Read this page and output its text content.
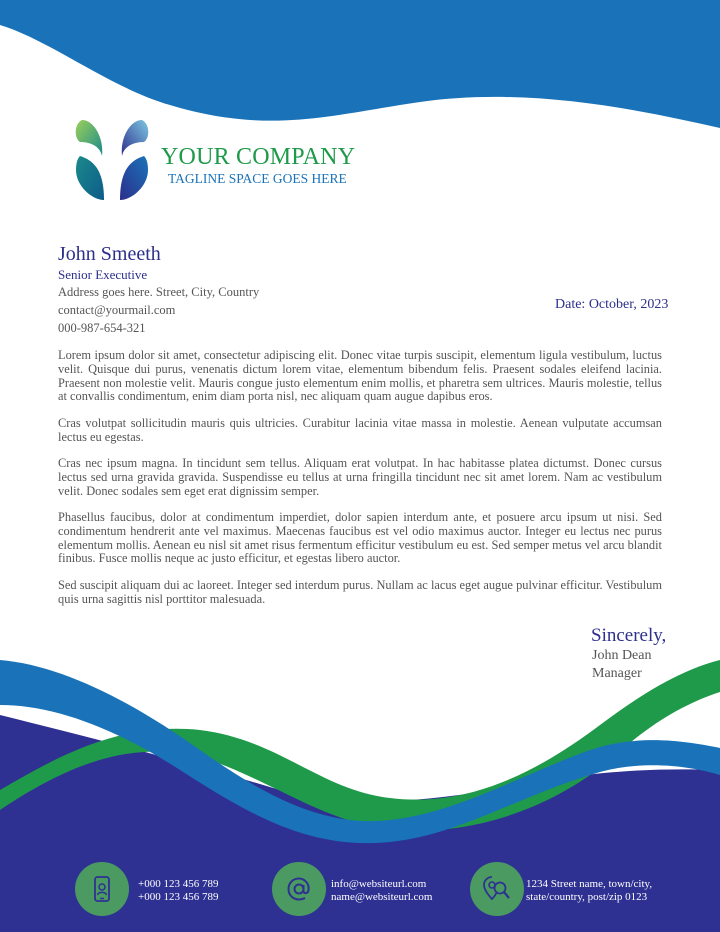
YOUR COMPANY
TAGLINE SPACE GOES HERE
John Smeeth
Senior Executive
Address goes here. Street, City, Country
contact@yourmail.com
000-987-654-321
Date: October, 2023

Lorem ipsum dolor sit amet, consectetur adipiscing elit. Donec vitae turpis suscipit, elementum ligula vestibulum, luctus velit. Quisque dui purus, venenatis dictum lorem vitae, elementum bibendum felis. Praesent sodales eleifend lacinia. Praesent non molestie velit. Mauris congue justo elementum enim mollis, et pharetra sem ultrices. Mauris molestie, tellus at convallis condimentum, enim diam porta nisl, nec aliquam quam augue dapibus eros.

Cras volutpat sollicitudin mauris quis ultricies. Curabitur lacinia vitae massa in molestie. Aenean vulputate accumsan lectus eu egestas.

Cras nec ipsum magna. In tincidunt sem tellus. Aliquam erat volutpat. In hac habitasse platea dictumst. Donec cursus lectus sed urna gravida gravida. Suspendisse eu tellus at urna fringilla tincidunt nec sit amet lorem. Nam ac vestibulum velit. Donec sodales sem eget erat dignissim semper.

Phasellus faucibus, dolor at condimentum imperdiet, dolor sapien interdum ante, et posuere arcu ipsum ut nisi. Sed condimentum hendrerit ante vel maximus. Maecenas faucibus est vel odio maximus auctor. Integer eu lectus nec purus elementum mollis. Aenean eu nisl sit amet risus fermentum efficitur vestibulum eu est. Sed semper metus vel arcu blandit finibus. Fusce mollis neque ac justo efficitur, et egestas libero auctor.

Sed suscipit aliquam dui ac laoreet. Integer sed interdum purus. Nullam ac lacus eget augue pulvinar efficitur. Vestibulum quis urna sagittis nisl porttitor malesuada.

Sincerely,
John Dean
Manager
+000 123 456 789
+000 123 456 789
info@websiteurl.com
name@websiteurl.com
1234 Street name, town/city,
state/country, post/zip 0123
